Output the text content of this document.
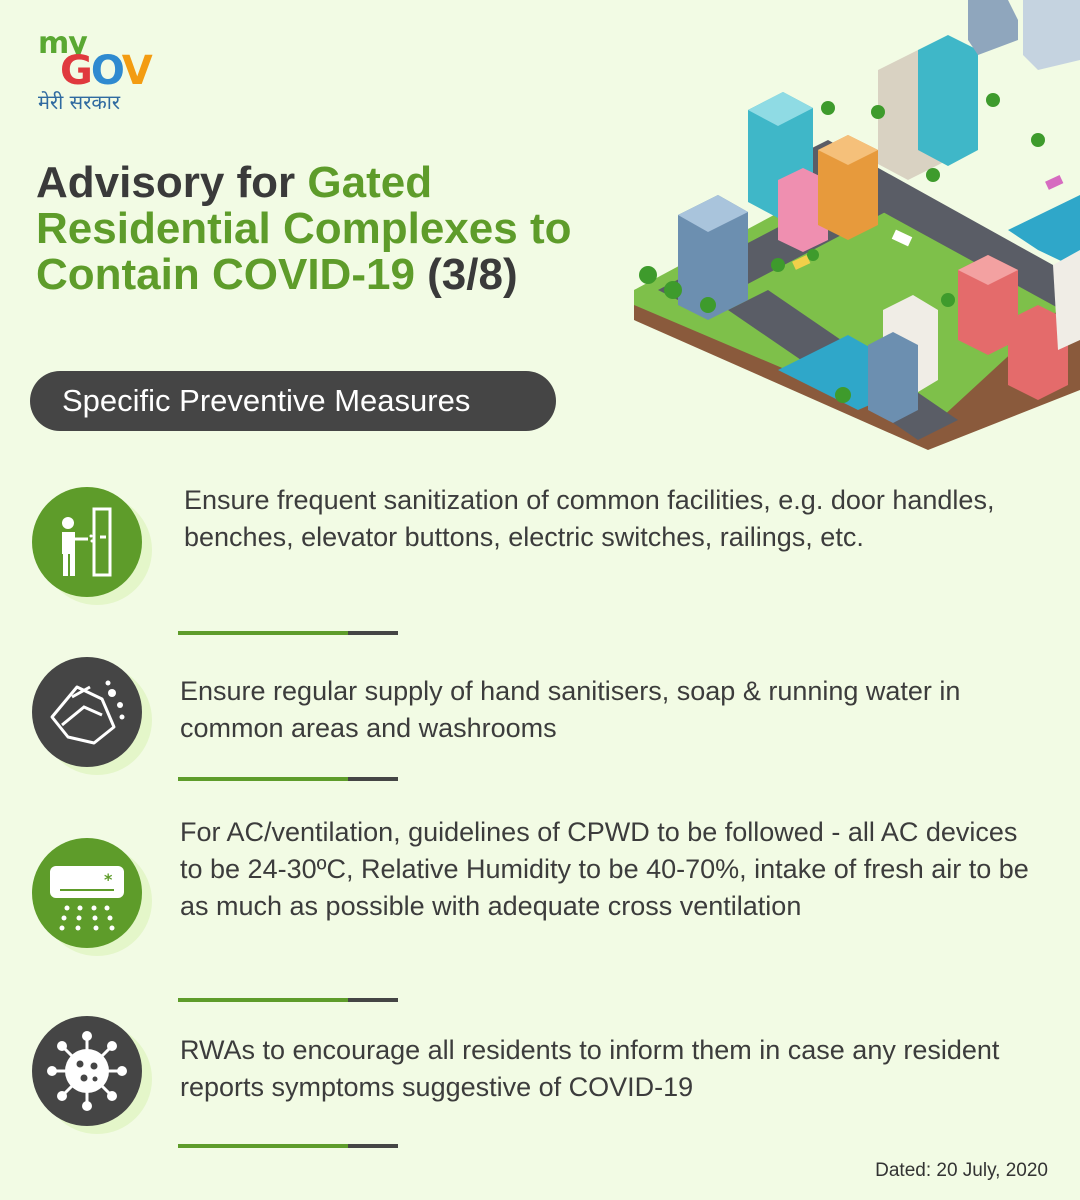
my
GOV
मेरी सरकार
Advisory for Gated Residential Complexes to Contain COVID-19 (3/8)
Specific Preventive Measures
Ensure frequent sanitization of common facilities, e.g. door handles, benches, elevator buttons, electric switches, railings, etc.
Ensure regular supply of hand sanitisers, soap & running water in common areas and washrooms
*
For AC/ventilation, guidelines of CPWD to be followed - all AC devices to be 24-30ºC, Relative Humidity to be 40-70%, intake of fresh air to be as much as possible with adequate cross ventilation
RWAs to encourage all residents to inform them in case any resident reports symptoms suggestive of COVID-19
Dated: 20 July, 2020
